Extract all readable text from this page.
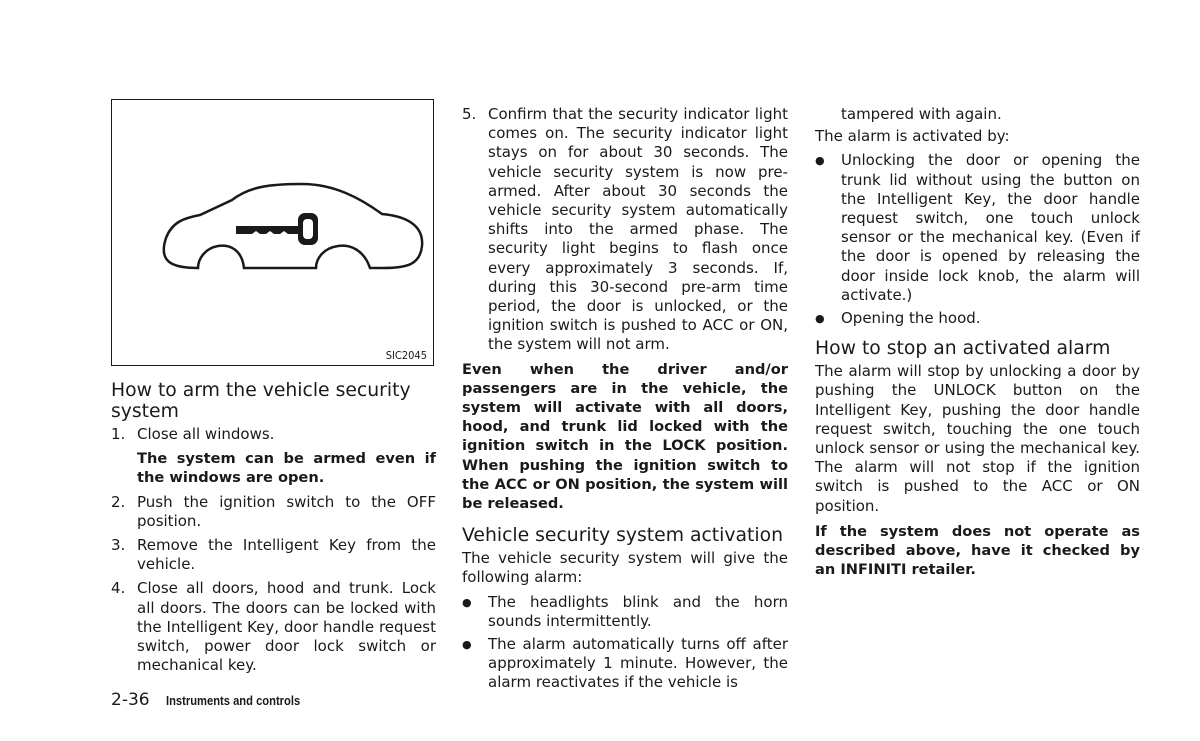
SIC2045
How to arm the vehicle security system
1. Close all windows.
The system can be armed even if the windows are open.
2. Push the ignition switch to the OFF position.
3. Remove the Intelligent Key from the vehicle.
4. Close all doors, hood and trunk. Lock all doors. The doors can be locked with the Intelligent Key, door handle request switch, power door lock switch or mechanical key.
5. Confirm that the security indicator light comes on. The security indicator light stays on for about 30 seconds. The vehicle security system is now pre-armed. After about 30 seconds the vehicle security system automatically shifts into the armed phase. The security light begins to flash once every approximately 3 seconds. If, during this 30-second pre-arm time period, the door is unlocked, or the ignition switch is pushed to ACC or ON, the system will not arm.

Even when the driver and/or passengers are in the vehicle, the system will activate with all doors, hood, and trunk lid locked with the ignition switch in the LOCK position. When pushing the ignition switch to the ACC or ON position, the system will be released.

Vehicle security system activation

The vehicle security system will give the following alarm:

●	The headlights blink and the horn sounds intermittently.
●	The alarm automatically turns off after approximately 1 minute. However, the alarm reactivates if the vehicle is

tampered with again.

The alarm is activated by:

●	Unlocking the door or opening the trunk lid without using the button on the Intelligent Key, the door handle request switch, one touch unlock sensor or the mechanical key. (Even if the door is opened by releasing the door inside lock knob, the alarm will activate.)
●	Opening the hood.
How to stop an activated alarm

The alarm will stop by unlocking a door by pushing the UNLOCK button on the Intelligent Key, pushing the door handle request switch, touching the one touch unlock sensor or using the mechanical key. The alarm will not stop if the ignition switch is pushed to the ACC or ON position.

If the system does not operate as described above, have it checked by an INFINITI retailer.

2-36 Instruments and controls
